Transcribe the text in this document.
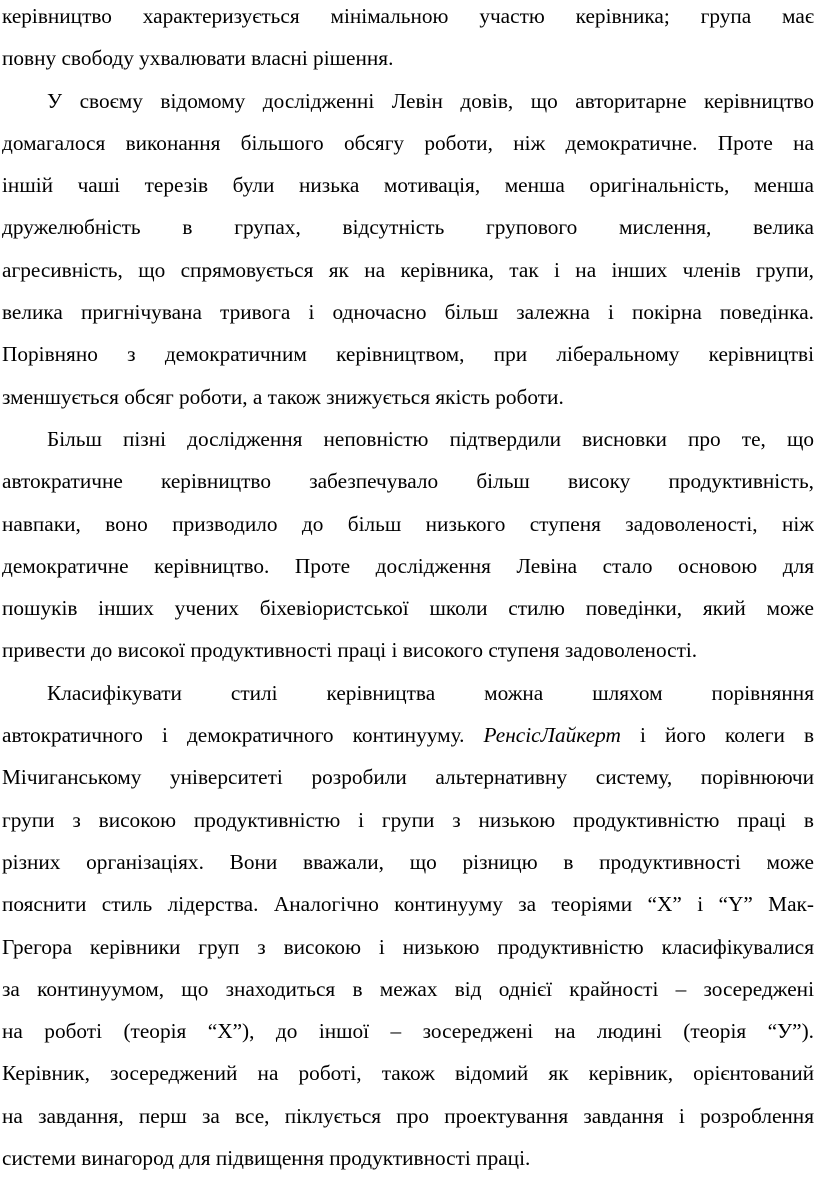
керівництво характеризується мінімальною участю керівника; група має
повну свободу ухвалювати власні рішення.
У своєму відомому дослідженні Левін довів, що авторитарне керівництво
домагалося виконання більшого обсягу роботи, ніж демократичне. Проте на
іншій чаші терезів були низька мотивація, менша оригінальність, менша
дружелюбність в групах, відсутність групового мислення, велика
агресивність, що спрямовується як на керівника, так і на інших членів групи,
велика пригнічувана тривога і одночасно більш залежна і покірна поведінка.
Порівняно з демократичним керівництвом, при ліберальному керівництві
зменшується обсяг роботи, а також знижується якість роботи.
Більш пізні дослідження неповністю підтвердили висновки про те, що
автократичне керівництво забезпечувало більш високу продуктивність,
навпаки, воно призводило до більш низького ступеня задоволеності, ніж
демократичне керівництво. Проте дослідження Левіна стало основою для
пошуків інших учених біхевіористської школи стилю поведінки, який може
привести до високої продуктивності праці і високого ступеня задоволеності.
Класифікувати стилі керівництва можна шляхом порівняння
автократичного і демократичного континууму. РенсісЛайкерт і його колеги в
Мічиганському університеті розробили альтернативну систему, порівнюючи
групи з високою продуктивністю і групи з низькою продуктивністю праці в
різних організаціях. Вони вважали, що різницю в продуктивності може
пояснити стиль лідерства. Аналогічно континууму за теоріями “X” і “Y” Мак-
Грегора керівники груп з високою і низькою продуктивністю класифікувалися
за континуумом, що знаходиться в межах від однієї крайності – зосереджені
на роботі (теорія “X”), до іншої – зосереджені на людині (теорія “У”).
Керівник, зосереджений на роботі, також відомий як керівник, орієнтований
на завдання, перш за все, піклується про проектування завдання і розроблення
системи винагород для підвищення продуктивності праці.
